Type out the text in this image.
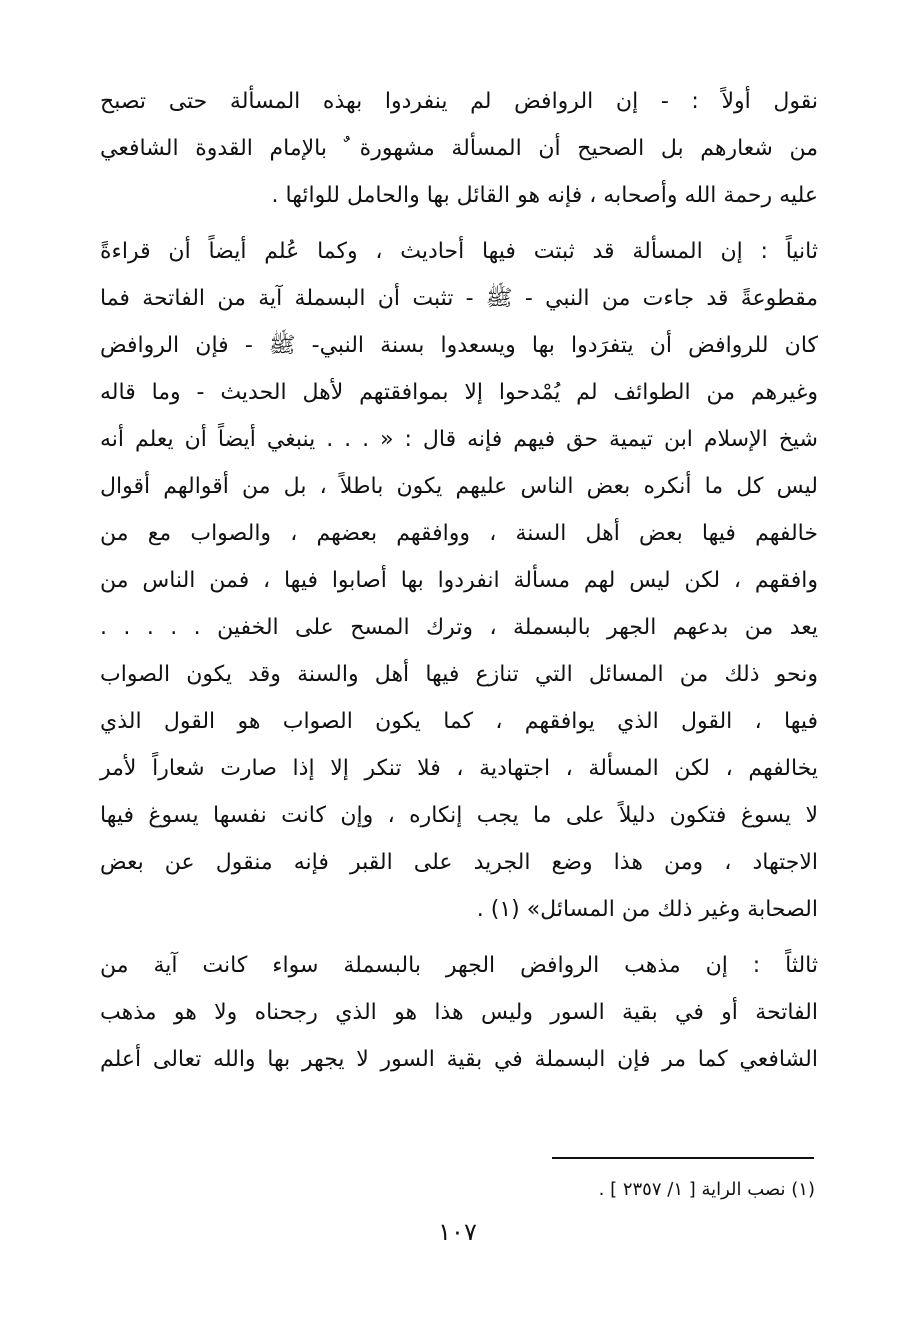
نقول أولاً : - إن الروافض لم ينفردوا بهذه المسألة حتى تصبح
من شعارهم بل الصحيح أن المسألة مشهورة ٌ بالإمام القدوة الشافعي
عليه رحمة الله وأصحابه ، فإنه هو القائل بها والحامل للوائها .
ثانياً : إن المسألة قد ثبتت فيها أحاديث ، وكما عُلم أيضاً أن قراءةً
مقطوعةً قد جاءت من النبي - ﷺ - تثبت أن البسملة آية من الفاتحة فما
كان للروافض أن يتفرَدوا بها ويسعدوا بسنة النبي- ﷺ - فإن الروافض
وغيرهم من الطوائف لم يُمْدحوا إلا بموافقتهم لأهل الحديث - وما قاله
شيخ الإسلام ابن تيمية حق فيهم فإنه قال : « . . . ينبغي أيضاً أن يعلم أنه
ليس كل ما أنكره بعض الناس عليهم يكون باطلاً ، بل من أقوالهم أقوال
خالفهم فيها بعض أهل السنة ، ووافقهم بعضهم ، والصواب مع من
وافقهم ، لكن ليس لهم مسألة انفردوا بها أصابوا فيها ، فمن الناس من
يعد من بدعهم الجهر بالبسملة ، وترك المسح على الخفين . . . . .
ونحو ذلك من المسائل التي تنازع فيها أهل والسنة وقد يكون الصواب
فيها ، القول الذي يوافقهم ، كما يكون الصواب هو القول الذي
يخالفهم ، لكن المسألة ، اجتهادية ، فلا تنكر إلا إذا صارت شعاراً لأمر
لا يسوغ فتكون دليلاً على ما يجب إنكاره ، وإن كانت نفسها يسوغ فيها
الاجتهاد ، ومن هذا وضع الجريد على القبر فإنه منقول عن بعض
الصحابة وغير ذلك من المسائل» (١) .
ثالثاً : إن مذهب الروافض الجهر بالبسملة سواء كانت آية من
الفاتحة أو في بقية السور وليس هذا هو الذي رجحناه ولا هو مذهب
الشافعي كما مر فإن البسملة في بقية السور لا يجهر بها والله تعالى أعلم
(١) نصب الراية [ ١/ ٢٣٥٧ ] .
١٠٧
